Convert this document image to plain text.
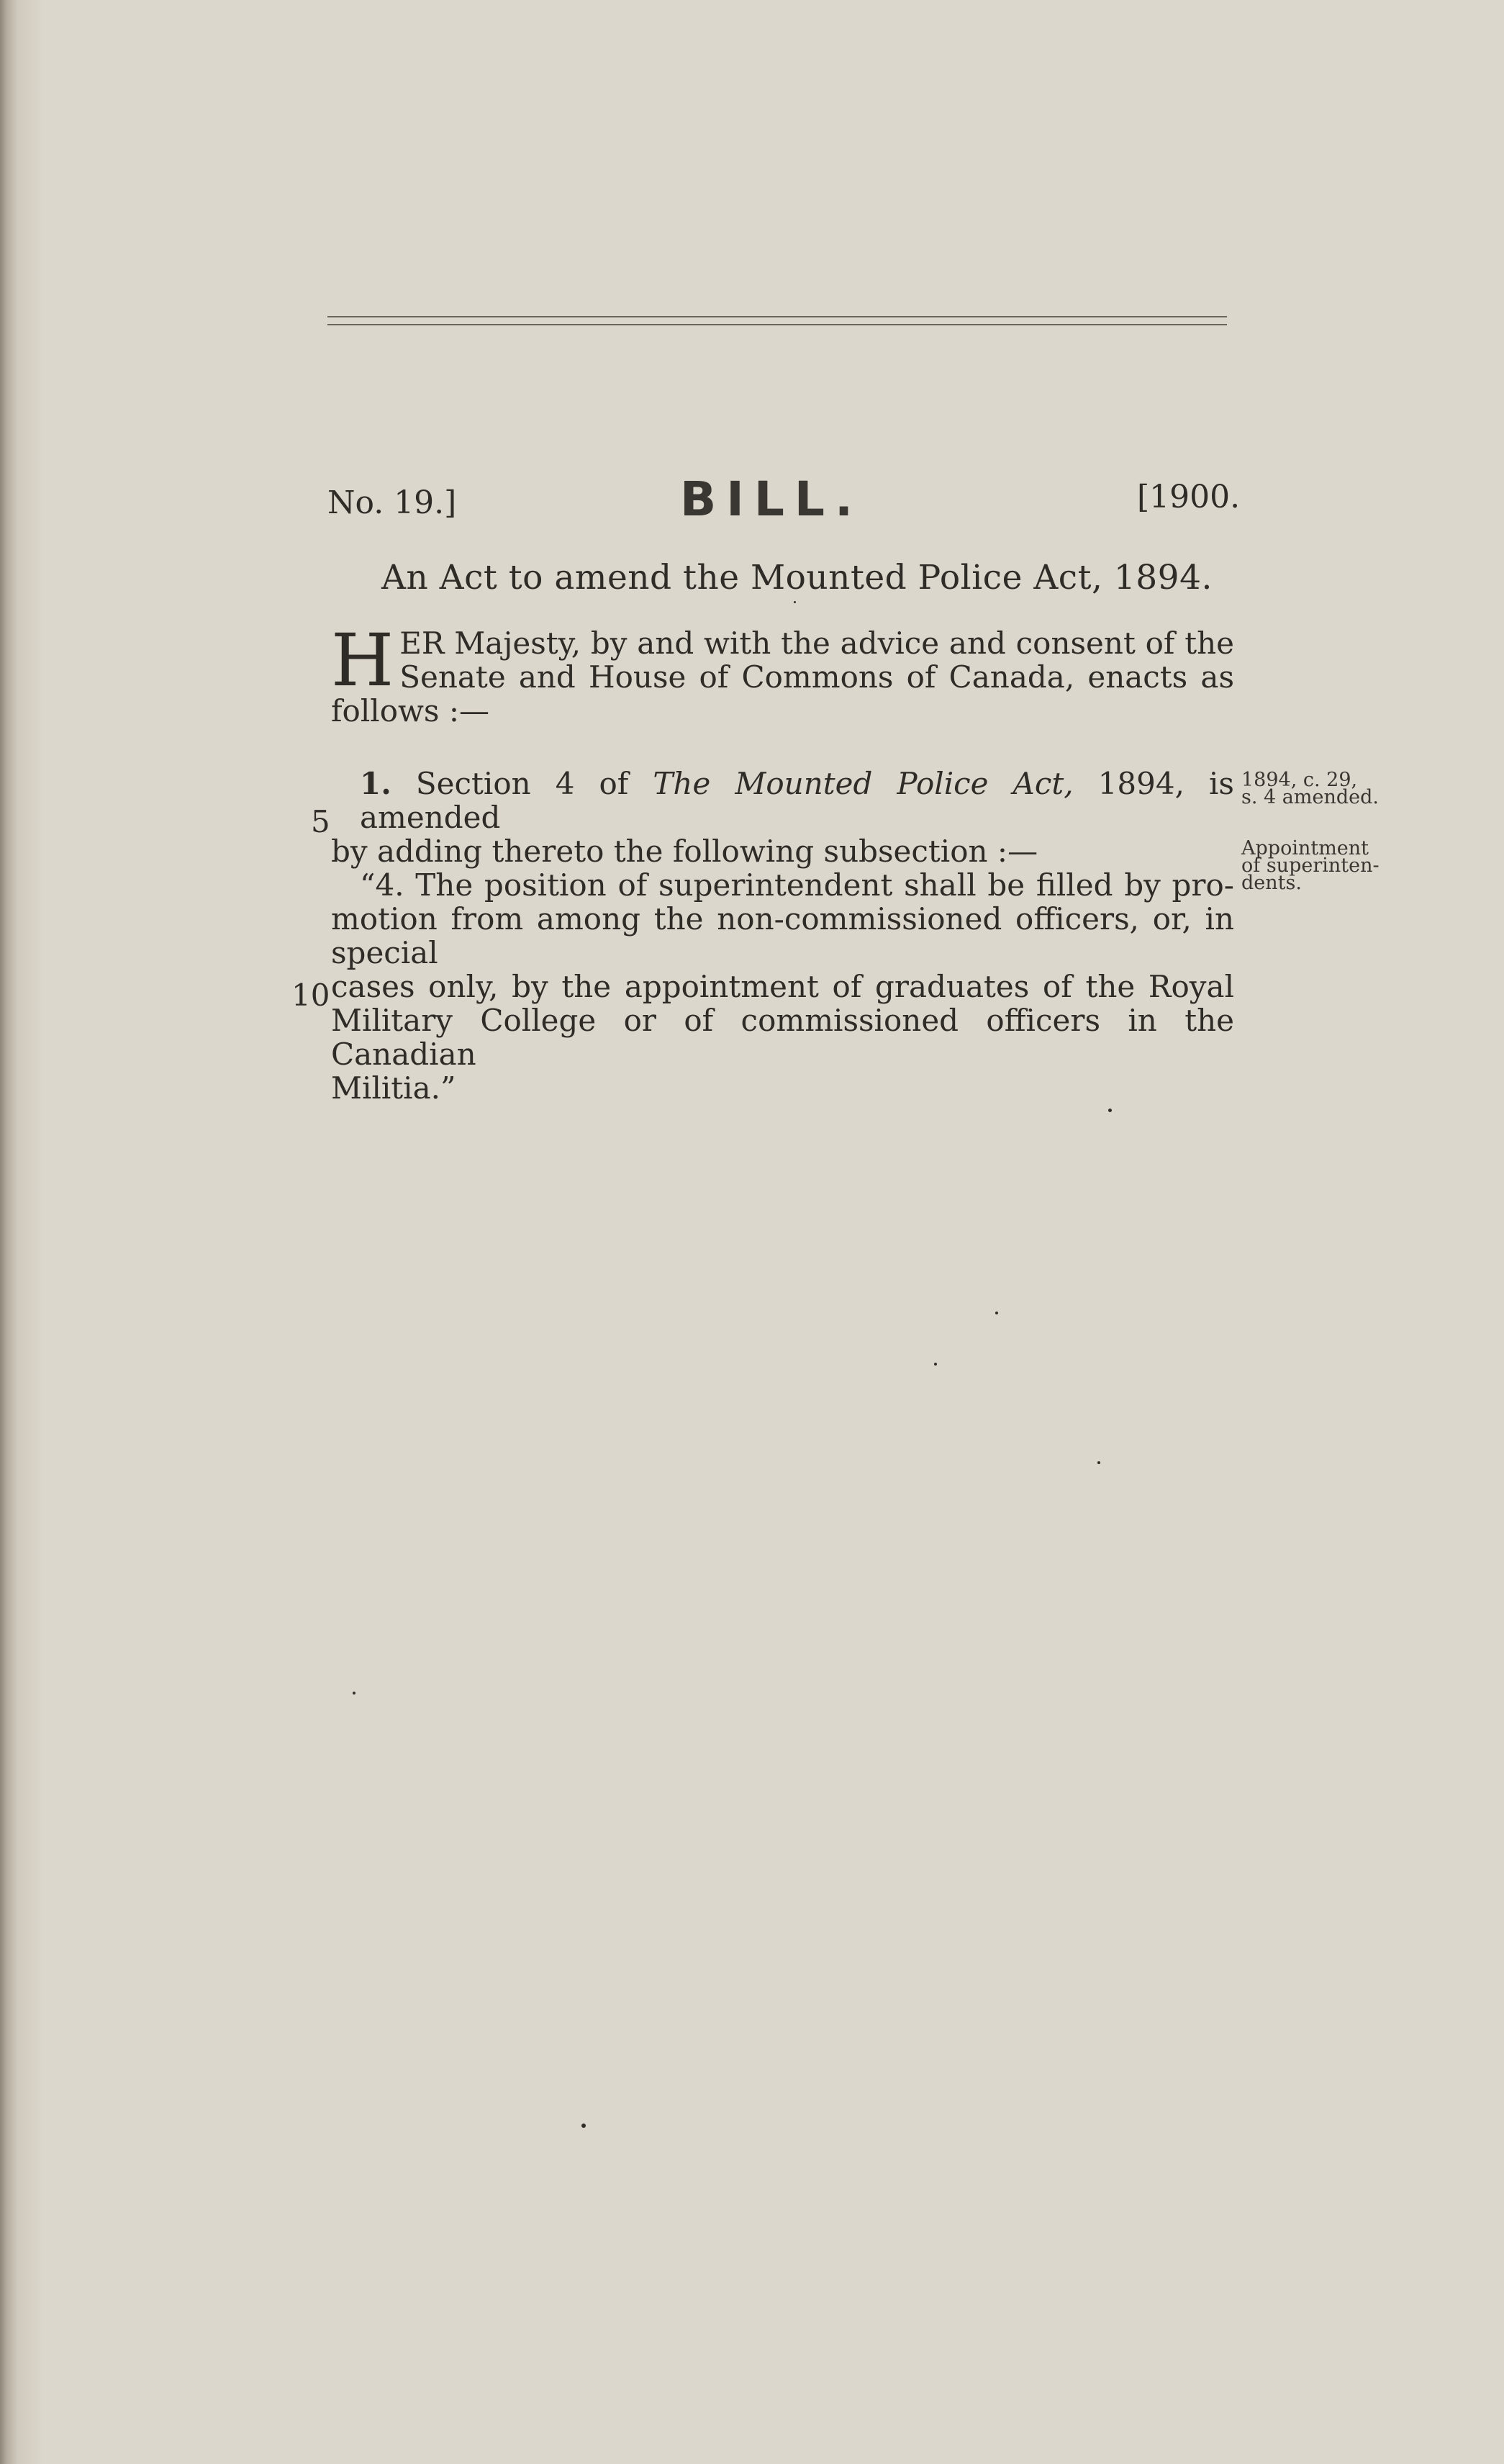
No. 19.]	BILL.	[1900.
An Act to amend the Mounted Police Act, 1894.
H ER Majesty, by and with the advice and consent of the
Senate and House of Commons of Canada, enacts as
follows :—
1. Section 4 of The Mounted Police Act, 1894, is amended
by adding thereto the following subsection :—
“4. The position of superintendent shall be filled by pro-
motion from among the non-commissioned officers, or, in special
cases only, by the appointment of graduates of the Royal
Military College or of commissioned officers in the Canadian
Militia.”
5
10
1894, c. 29,
s. 4 amended.
Appointment
of superinten-
dents.
